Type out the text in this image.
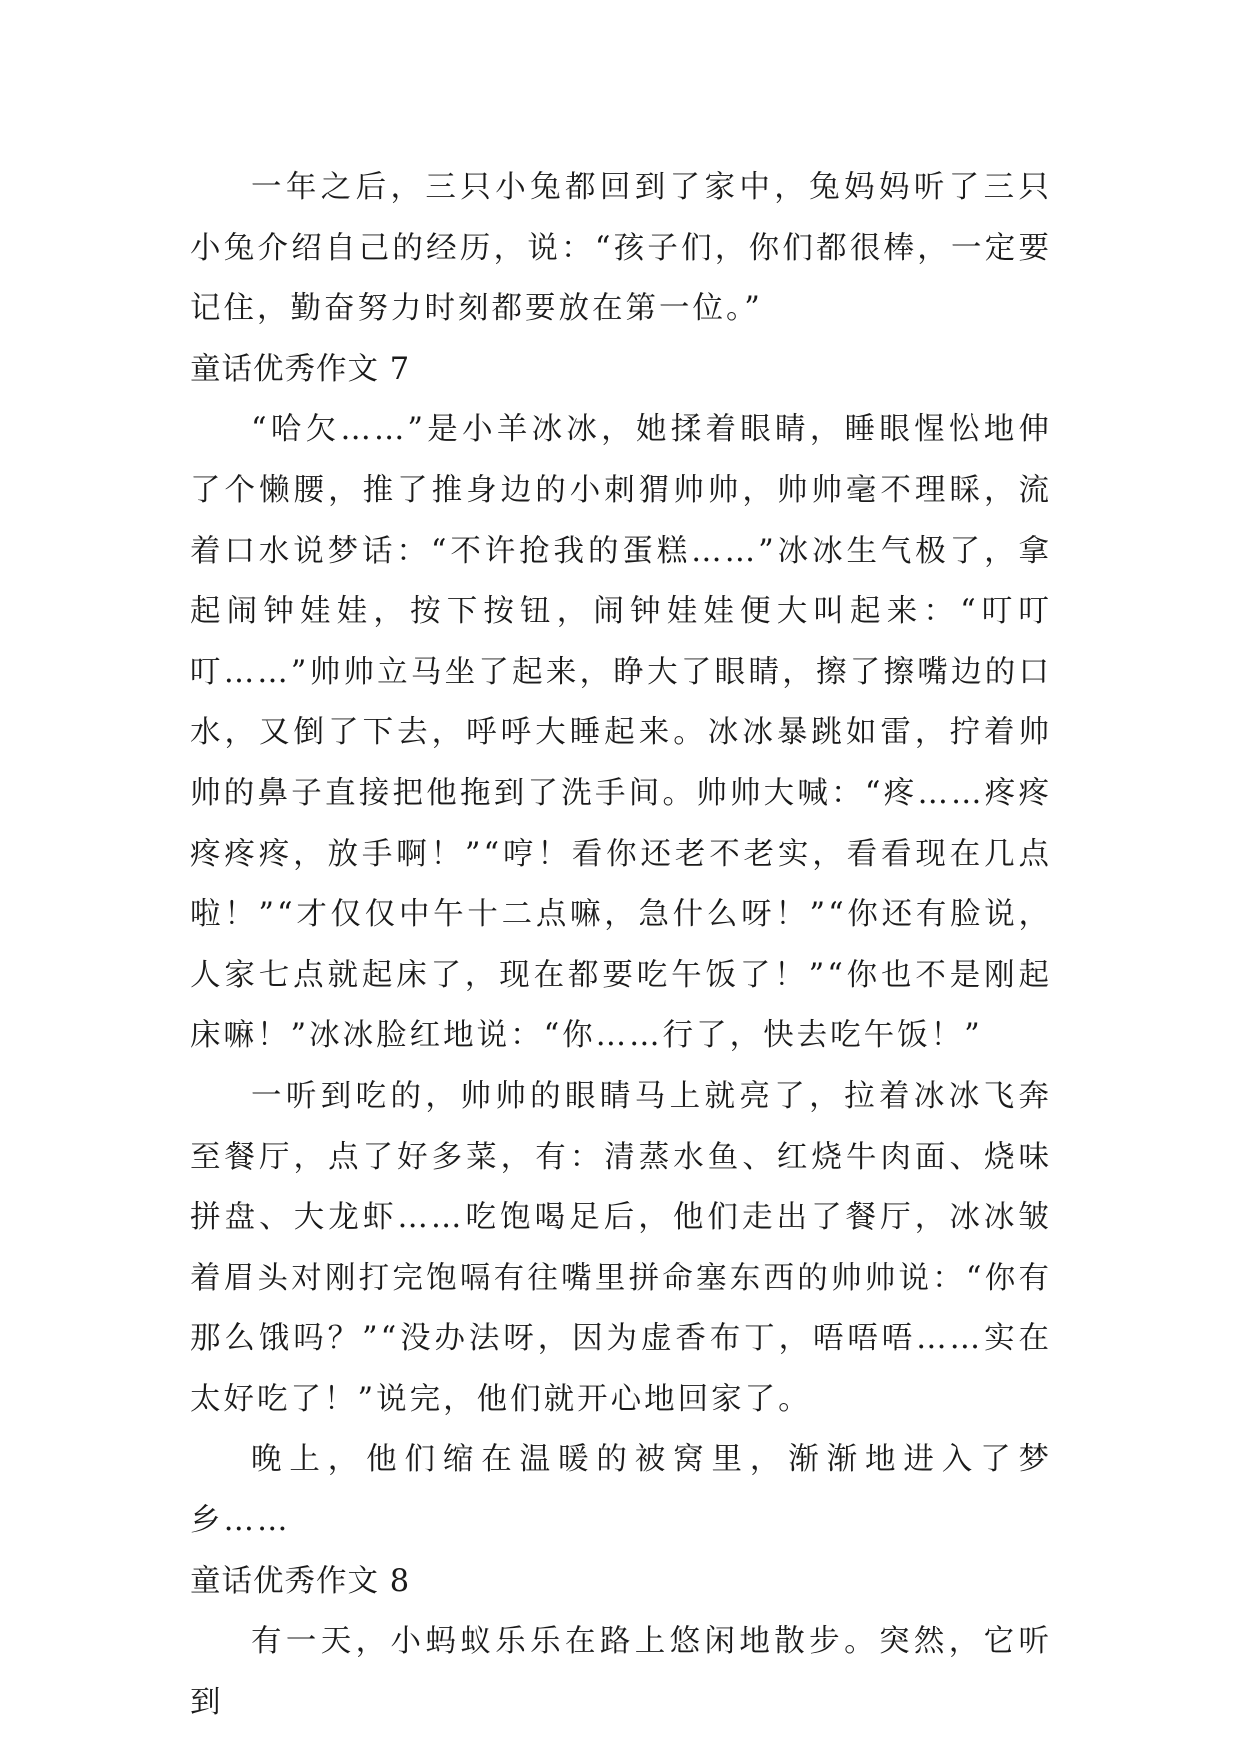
一年之后，三只小兔都回到了家中，兔妈妈听了三只小兔介绍自己的经历，说：“孩子们，你们都很棒，一定要记住，勤奋努力时刻都要放在第一位。”

童话优秀作文 7

“哈欠……”是小羊冰冰，她揉着眼睛，睡眼惺忪地伸了个懒腰，推了推身边的小刺猬帅帅，帅帅毫不理睬，流着口水说梦话：“不许抢我的蛋糕……”冰冰生气极了，拿起闹钟娃娃，按下按钮，闹钟娃娃便大叫起来：“叮叮叮……”帅帅立马坐了起来，睁大了眼睛，擦了擦嘴边的口水，又倒了下去，呼呼大睡起来。冰冰暴跳如雷，拧着帅帅的鼻子直接把他拖到了洗手间。帅帅大喊：“疼……疼疼疼疼疼，放手啊！”“哼！看你还老不老实，看看现在几点啦！”“才仅仅中午十二点嘛，急什么呀！”“你还有脸说，人家七点就起床了，现在都要吃午饭了！”“你也不是刚起床嘛！”冰冰脸红地说：“你……行了，快去吃午饭！”

一听到吃的，帅帅的眼睛马上就亮了，拉着冰冰飞奔至餐厅，点了好多菜，有：清蒸水鱼、红烧牛肉面、烧味拼盘、大龙虾……吃饱喝足后，他们走出了餐厅，冰冰皱着眉头对刚打完饱嗝有往嘴里拼命塞东西的帅帅说：“你有那么饿吗？”“没办法呀，因为虚香布丁，唔唔唔……实在太好吃了！”说完，他们就开心地回家了。

晚上，他们缩在温暖的被窝里，渐渐地进入了梦乡……

童话优秀作文 8

有一天，小蚂蚁乐乐在路上悠闲地散步。突然，它听到
